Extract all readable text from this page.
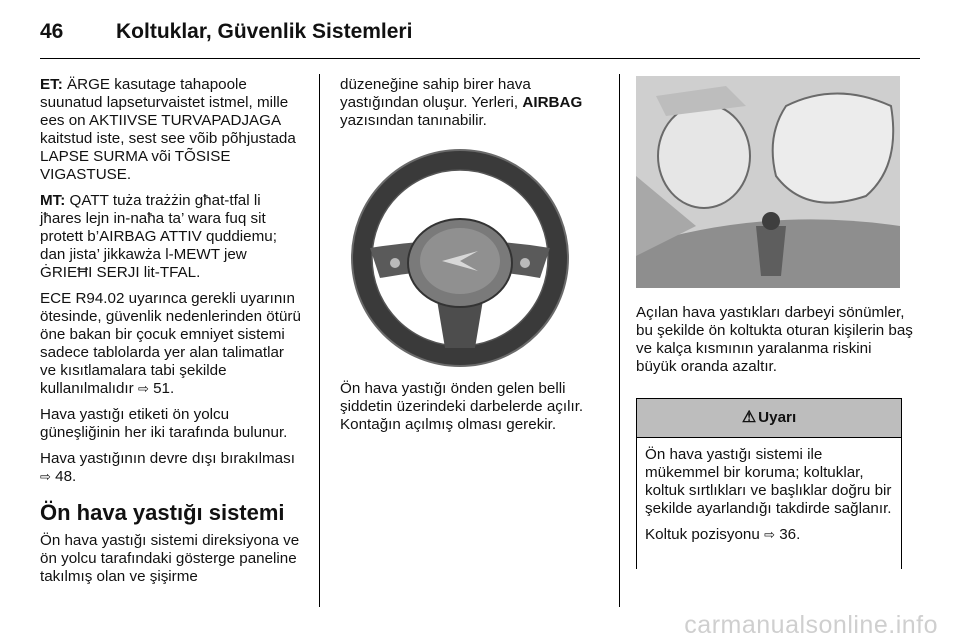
46	Koltuklar, Güvenlik Sistemleri

ET: ÄRGE kasutage tahapoole suunatud lapseturvaistet istmel, mille ees on AKTIIVSE TURVAPADJAGA kaitstud iste, sest see võib põhjustada LAPSE SURMA või TÕSISE VIGASTUSE.

MT: QATT tuża trażżin għat-tfal li jħares lejn in-naħa ta’ wara fuq sit protett b’AIRBAG ATTIV quddiemu; dan jista’ jikkawża l-MEWT jew ĠRIEĦI SERJI lit-TFAL.

ECE R94.02 uyarınca gerekli uyarının ötesinde, güvenlik nedenlerinden ötürü öne bakan bir çocuk emniyet sistemi sadece tablolarda yer alan talimatlar ve kısıtlamalara tabi şekilde kullanılmalıdır ⇨ 51.

Hava yastığı etiketi ön yolcu güneşliğinin her iki tarafında bulunur.

Hava yastığının devre dışı bırakılması ⇨ 48.

Ön hava yastığı sistemi

Ön hava yastığı sistemi direksiyona ve ön yolcu tarafındaki gösterge paneline takılmış olan ve şişirme

düzeneğine sahip birer hava yastığından oluşur. Yerleri, AIRBAG yazısından tanınabilir.

Ön hava yastığı önden gelen belli şiddetin üzerindeki darbelerde açılır. Kontağın açılmış olması gerekir.

Açılan hava yastıkları darbeyi sönümler, bu şekilde ön koltukta oturan kişilerin baş ve kalça kısmının yaralanma riskini büyük oranda azaltır.

⚠ Uyarı

Ön hava yastığı sistemi ile mükemmel bir koruma; koltuklar, koltuk sırtlıkları ve başlıklar doğru bir şekilde ayarlandığı takdirde sağlanır.

Koltuk pozisyonu ⇨ 36.

carmanualsonline.info
